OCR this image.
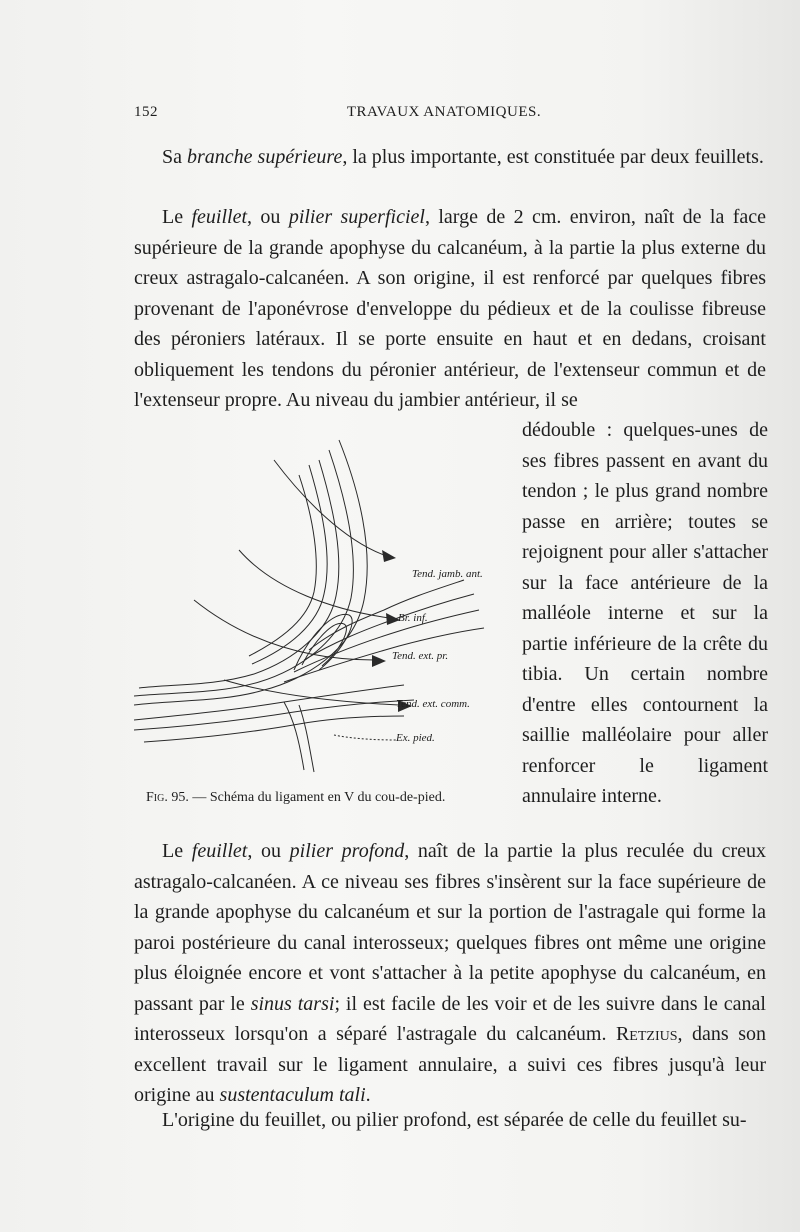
152	TRAVAUX ANATOMIQUES.

Sa branche supérieure, la plus importante, est constituée par deux feuillets.

Le feuillet, ou pilier superficiel, large de 2 cm. environ, naît de la face supérieure de la grande apophyse du calcanéum, à la partie la plus externe du creux astragalo-calcanéen. A son origine, il est renforcé par quelques fibres provenant de l'aponévrose d'enveloppe du pédieux et de la coulisse fibreuse des péroniers latéraux. Il se porte ensuite en haut et en dedans, croisant obliquement les tendons du péronier antérieur, de l'extenseur commun et de l'extenseur propre. Au niveau du jambier antérieur, il se

dédouble : quelques-unes de ses fibres passent en avant du tendon ; le plus grand nombre passe en arrière; toutes se rejoignent pour aller s'attacher sur la face antérieure de la malléole interne et sur la partie inférieure de la crête du tibia. Un certain nombre d'entre elles contournent la saillie malléolaire pour aller renforcer le ligament annulaire interne.

Tend. jamb. ant.
Br. inf.
Tend. ext. pr.
Tend. ext. comm.
Ex. pied.
Fig. 95. — Schéma du ligament en V du cou-de-pied.

Le feuillet, ou pilier profond, naît de la partie la plus reculée du creux astragalo-calcanéen. A ce niveau ses fibres s'insèrent sur la face supérieure de la grande apophyse du calcanéum et sur la portion de l'astragale qui forme la paroi postérieure du canal interosseux; quelques fibres ont même une origine plus éloignée encore et vont s'attacher à la petite apophyse du calcanéum, en passant par le sinus tarsi; il est facile de les voir et de les suivre dans le canal interosseux lorsqu'on a séparé l'astragale du calcanéum. Retzius, dans son excellent travail sur le ligament annulaire, a suivi ces fibres jusqu'à leur origine au sustentaculum tali.

L'origine du feuillet, ou pilier profond, est séparée de celle du feuillet su-
